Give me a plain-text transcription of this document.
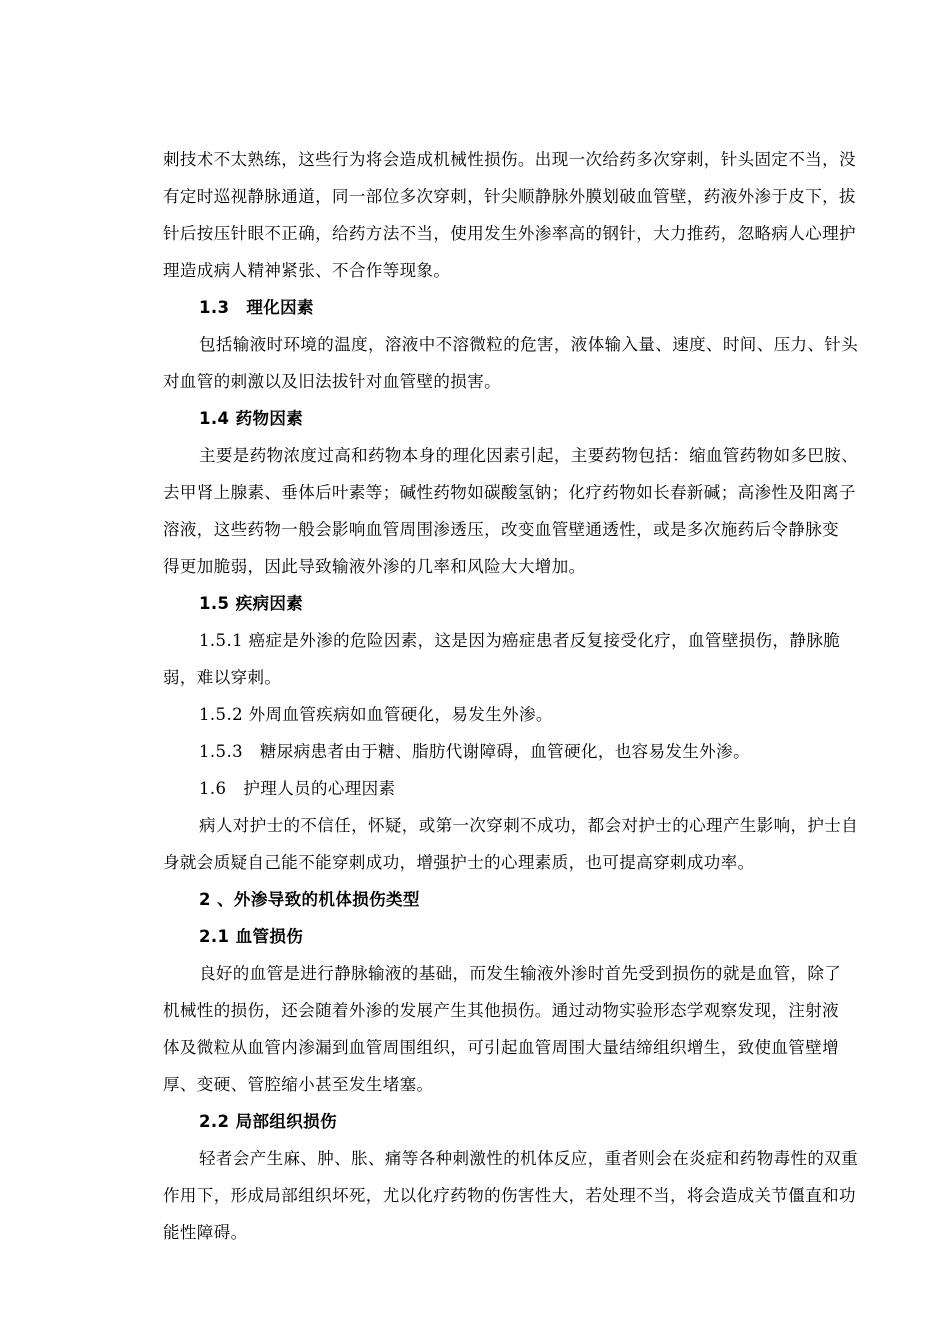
刺技术不太熟练，这些行为将会造成机械性损伤。出现一次给药多次穿刺，针头固定不当，没
有定时巡视静脉通道，同一部位多次穿刺，针尖顺静脉外膜划破血管壁，药液外渗于皮下，拔
针后按压针眼不正确，给药方法不当，使用发生外渗率高的钢针，大力推药，忽略病人心理护
理造成病人精神紧张、不合作等现象。
1.3　理化因素
包括输液时环境的温度，溶液中不溶微粒的危害，液体输入量、速度、时间、压力、针头
对血管的刺激以及旧法拔针对血管壁的损害。
1.4 药物因素
主要是药物浓度过高和药物本身的理化因素引起，主要药物包括：缩血管药物如多巴胺、
去甲肾上腺素、垂体后叶素等；碱性药物如碳酸氢钠；化疗药物如长春新碱；高渗性及阳离子
溶液，这些药物一般会影响血管周围渗透压，改变血管壁通透性，或是多次施药后令静脉变
得更加脆弱，因此导致输液外渗的几率和风险大大增加。
1.5 疾病因素
1.5.1 癌症是外渗的危险因素，这是因为癌症患者反复接受化疗，血管壁损伤，静脉脆
弱，难以穿刺。
1.5.2 外周血管疾病如血管硬化，易发生外渗。
1.5.3　糖尿病患者由于糖、脂肪代谢障碍，血管硬化，也容易发生外渗。
1.6　护理人员的心理因素
病人对护士的不信任，怀疑，或第一次穿刺不成功，都会对护士的心理产生影响，护士自
身就会质疑自己能不能穿刺成功，增强护士的心理素质，也可提高穿刺成功率。
2 、外渗导致的机体损伤类型
2.1 血管损伤
良好的血管是进行静脉输液的基础，而发生输液外渗时首先受到损伤的就是血管，除了
机械性的损伤，还会随着外渗的发展产生其他损伤。通过动物实验形态学观察发现，注射液
体及微粒从血管内渗漏到血管周围组织，可引起血管周围大量结缔组织增生，致使血管壁增
厚、变硬、管腔缩小甚至发生堵塞。
2.2 局部组织损伤
轻者会产生麻、肿、胀、痛等各种刺激性的机体反应，重者则会在炎症和药物毒性的双重
作用下，形成局部组织坏死，尤以化疗药物的伤害性大，若处理不当，将会造成关节僵直和功
能性障碍。
